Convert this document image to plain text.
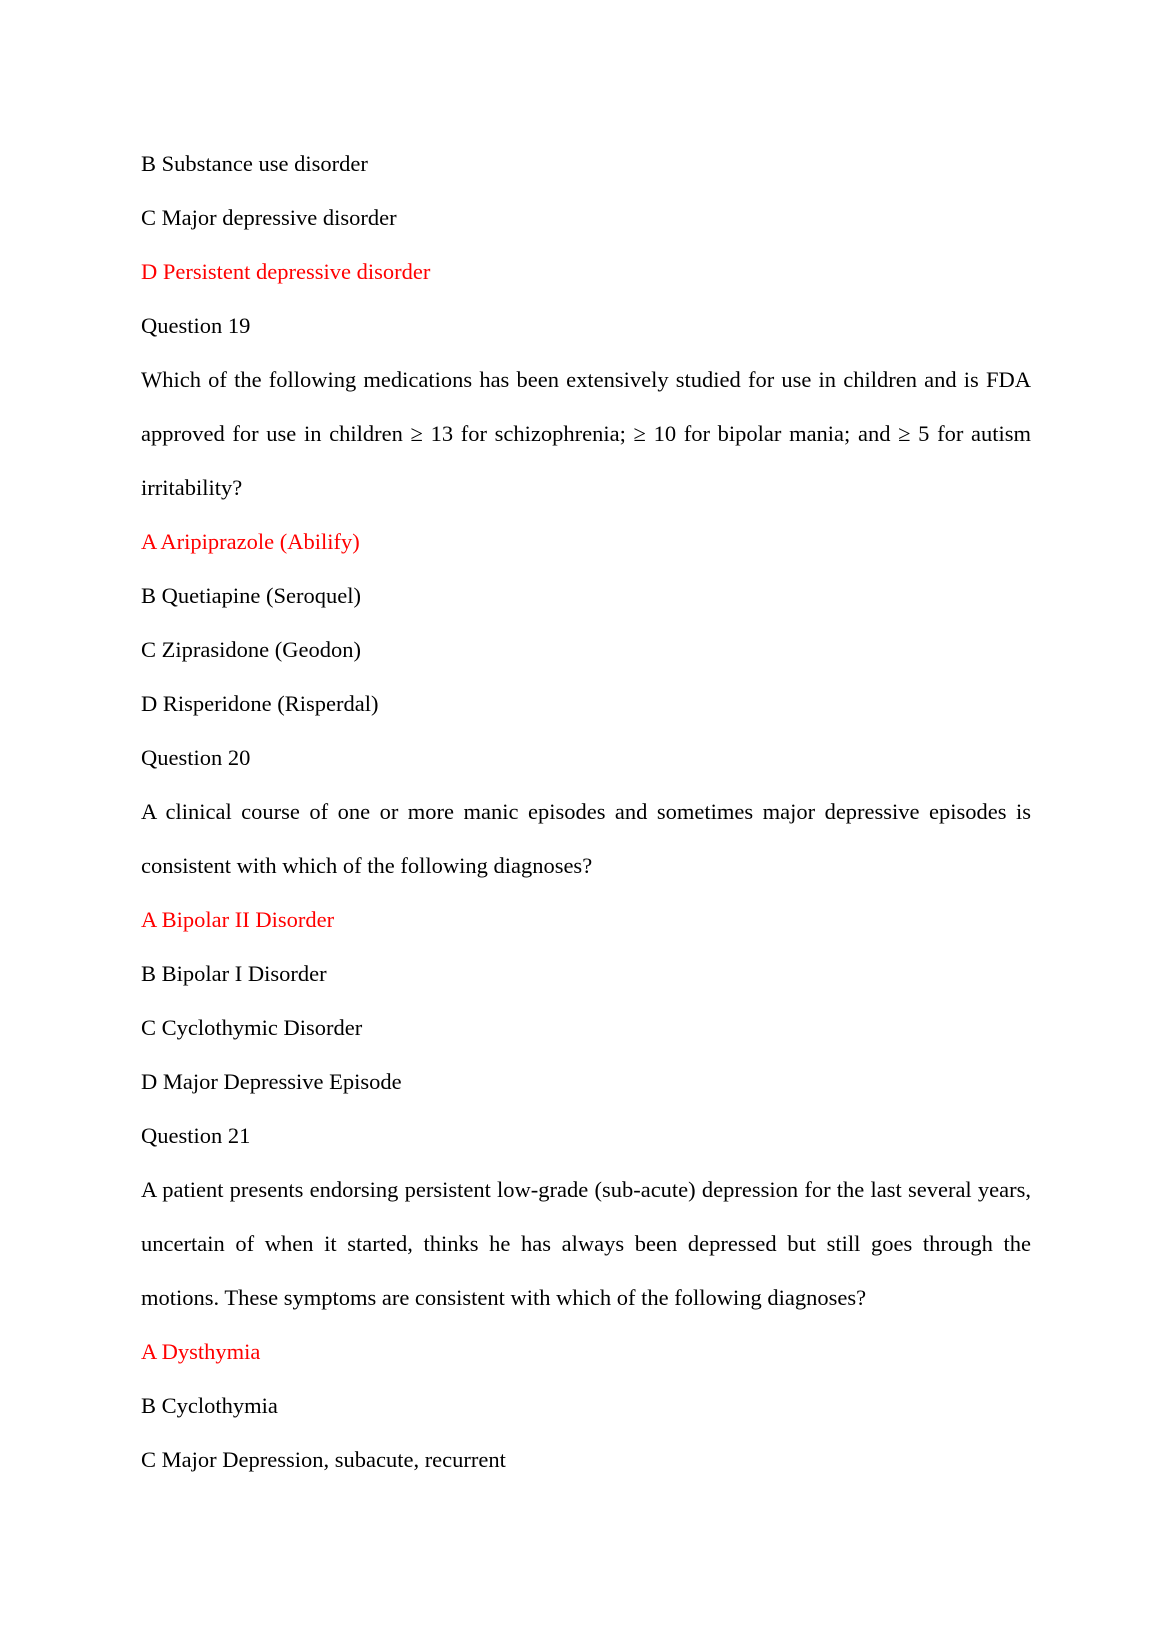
B Substance use disorder
C Major depressive disorder
D Persistent depressive disorder
Question 19
Which of the following medications has been extensively studied for use in children and is FDA approved for use in children ≥ 13 for schizophrenia; ≥ 10 for bipolar mania; and ≥ 5 for autism irritability?
A Aripiprazole (Abilify)
B Quetiapine (Seroquel)
C Ziprasidone (Geodon)
D Risperidone (Risperdal)
Question 20
A clinical course of one or more manic episodes and sometimes major depressive episodes is consistent with which of the following diagnoses?
A Bipolar II Disorder
B Bipolar I Disorder
C Cyclothymic Disorder
D Major Depressive Episode
Question 21
A patient presents endorsing persistent low-grade (sub-acute) depression for the last several years, uncertain of when it started, thinks he has always been depressed but still goes through the motions. These symptoms are consistent with which of the following diagnoses?
A Dysthymia
B Cyclothymia
C Major Depression, subacute, recurrent
